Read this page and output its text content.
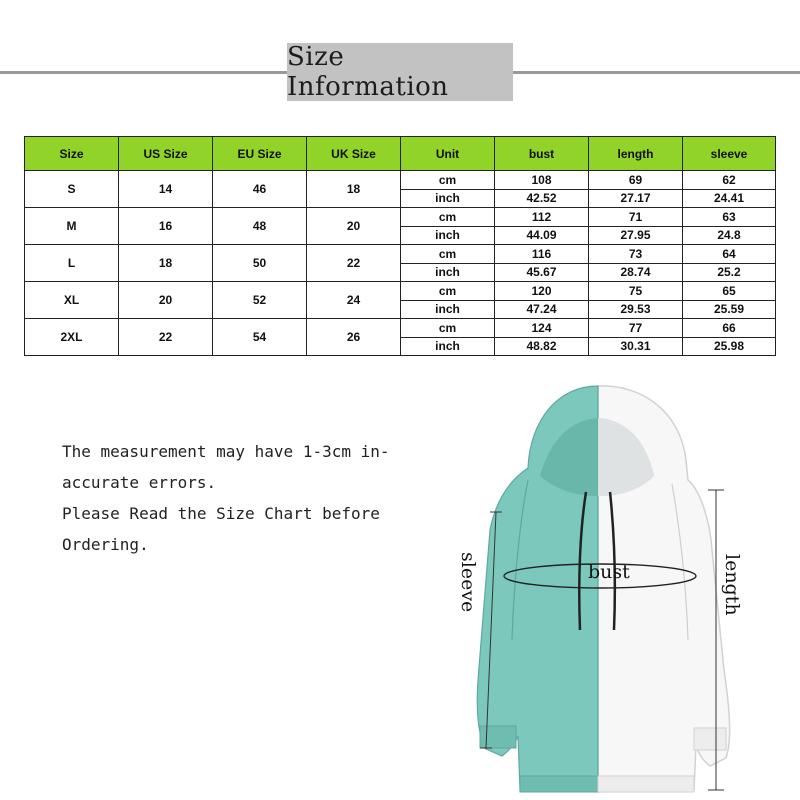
Size Information
Size	US Size	EU Size	UK Size	Unit	bust	length	sleeve
S	14	46	18	cm	108	69	62
				inch	42.52	27.17	24.41
M	16	48	20	cm	112	71	63
				inch	44.09	27.95	24.8
L	18	50	22	cm	116	73	64
				inch	45.67	28.74	25.2
XL	20	52	24	cm	120	75	65
				inch	47.24	29.53	25.59
2XL	22	54	26	cm	124	77	66
				inch	48.82	30.31	25.98
The measurement may have 1-3cm in-
accurate errors.
Please Read the Size Chart before
Ordering.
bust
sleeve	length
